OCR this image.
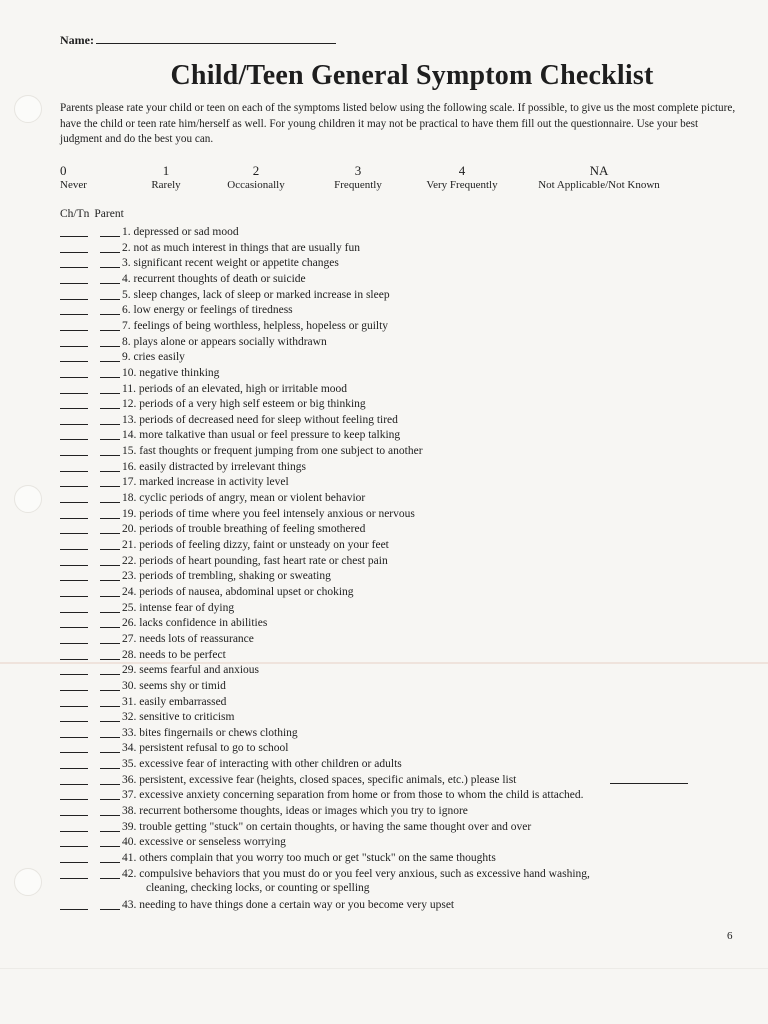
Name:
Child/Teen General Symptom Checklist
Parents please rate your child or teen on each of the symptoms listed below using the following scale. If possible, to give us the most complete picture, have the child or teen rate him/herself as well. For young children it may not be practical to have them fill out the questionnaire. Use your best judgment and do the best you can.
0
Never
1
Rarely
2
Occasionally
3
Frequently
4
Very Frequently
NA
Not Applicable/Not Known
Ch/Tn Parent
cleaning, checking locks, or counting or spelling
1. depressed or sad mood
2. not as much interest in things that are usually fun
3. significant recent weight or appetite changes
4. recurrent thoughts of death or suicide
5. sleep changes, lack of sleep or marked increase in sleep
6. low energy or feelings of tiredness
7. feelings of being worthless, helpless, hopeless or guilty
8. plays alone or appears socially withdrawn
9. cries easily
10. negative thinking
11. periods of an elevated, high or irritable mood
12. periods of a very high self esteem or big thinking
13. periods of decreased need for sleep without feeling tired
14. more talkative than usual or feel pressure to keep talking
15. fast thoughts or frequent jumping from one subject to another
16. easily distracted by irrelevant things
17. marked increase in activity level
18. cyclic periods of angry, mean or violent behavior
19. periods of time where you feel intensely anxious or nervous
20. periods of trouble breathing of feeling smothered
21. periods of feeling dizzy, faint or unsteady on your feet
22. periods of heart pounding, fast heart rate or chest pain
23. periods of trembling, shaking or sweating
24. periods of nausea, abdominal upset or choking
25. intense fear of dying
26. lacks confidence in abilities
27. needs lots of reassurance
28. needs to be perfect
29. seems fearful and anxious
30. seems shy or timid
31. easily embarrassed
32. sensitive to criticism
33. bites fingernails or chews clothing
34. persistent refusal to go to school
35. excessive fear of interacting with other children or adults
36. persistent, excessive fear (heights, closed spaces, specific animals, etc.) please list
37. excessive anxiety concerning separation from home or from those to whom the child is attached.
38. recurrent bothersome thoughts, ideas or images which you try to ignore
39. trouble getting "stuck" on certain thoughts, or having the same thought over and over
40. excessive or senseless worrying
41. others complain that you worry too much or get "stuck" on the same thoughts
42. compulsive behaviors that you must do or you feel very anxious, such as excessive hand washing,
43. needing to have things done a certain way or you become very upset
6
